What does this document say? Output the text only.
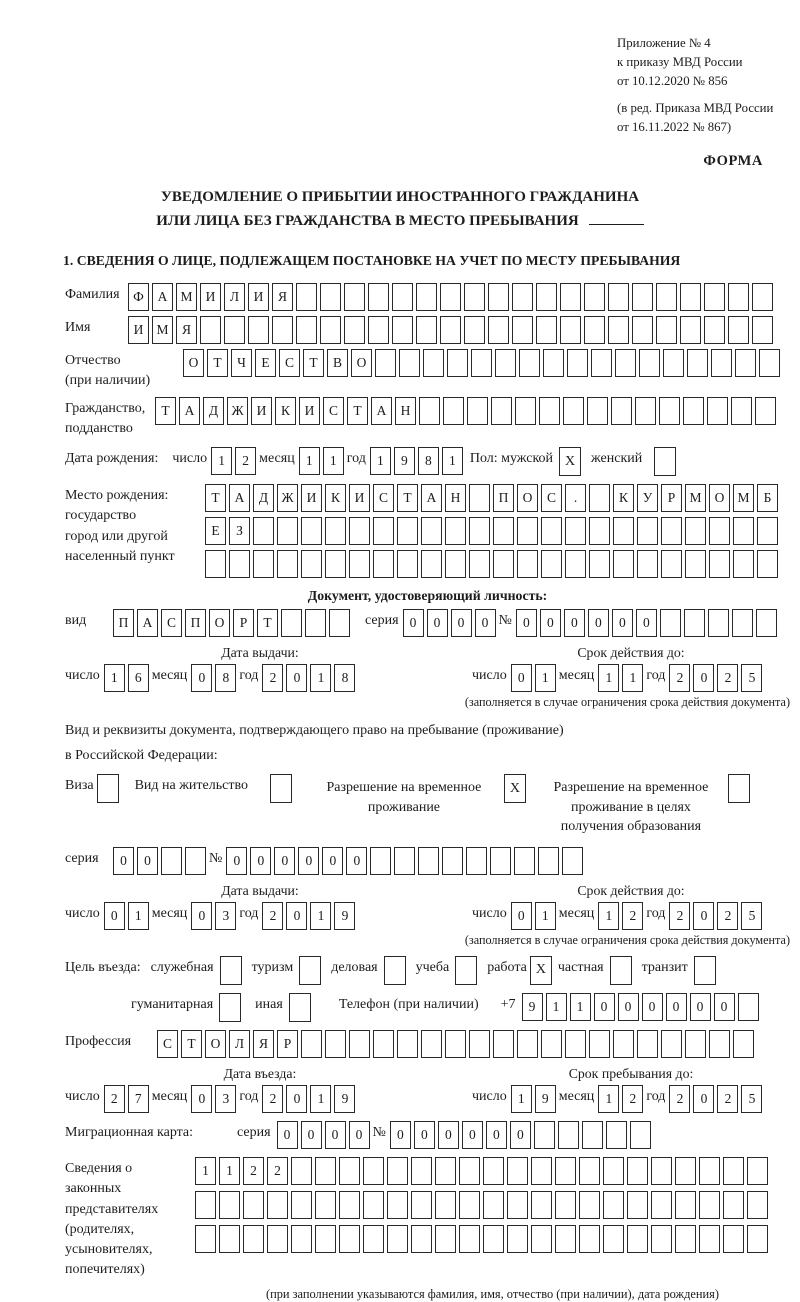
Приложение № 4
к приказу МВД России
от 10.12.2020 № 856
(в ред. Приказа МВД России
от 16.11.2022 № 867)
ФОРМА
УВЕДОМЛЕНИЕ О ПРИБЫТИИ ИНОСТРАННОГО ГРАЖДАНИНА
ИЛИ ЛИЦА БЕЗ ГРАЖДАНСТВА В МЕСТО ПРЕБЫВАНИЯ
1. СВЕДЕНИЯ О ЛИЦЕ, ПОДЛЕЖАЩЕМ ПОСТАНОВКЕ НА УЧЕТ ПО МЕСТУ ПРЕБЫВАНИЯ
Фамилия	Ф	А М И	Л	И	Я
Имя	И М Я
Отчество
(при наличии)
О	Т	Ч	Е	С	Т	В	О
Гражданство,
подданство
Т	А	Д Ж И	К	И	С	Т	А	Н
Дата рождения: число 1	2 месяц 1	1 год 1	9	8	1	Пол: мужской X	женский
Место рождения:
государство
город или другой
населенный пункт
Т	А	Д Ж И	К	И	С	Т	А	Н	П	О	С	.	К	У	Р	М О М	Б
Е	З
Документ, удостоверяющий личность:
вид	П	А	С	П	О	Р	Т	серия 0	0	0	0 № 0	0	0	0	0	0
Дата выдачи:
число 1	6 месяц 0	8 год 2	0	1	8
Срок действия до:
число 0	1 месяц 1	1 год 2	0	2	5
(заполняется в случае ограничения срока действия документа)
Вид и реквизиты документа, подтверждающего право на пребывание (проживание)
в Российской Федерации:
Виза	Вид на жительство	Разрешение на временное проживание
X	Разрешение на временное проживание в целях получения образования
серия	0	0	№ 0	0	0	0	0	0
Дата выдачи:
число 0	1 месяц 0	3 год 2	0	1	9
Срок действия до:
число 0	1 месяц 1	2 год 2	0	2	5
(заполняется в случае ограничения срока действия документа)
Цель въезда: служебная	туризм	деловая	учеба	работа X частная	транзит
гуманитарная	иная	Телефон (при наличии) +7 9	1	1	0	0	0	0	0	0
Профессия	С	Т	О	Л	Я	Р
Дата въезда:
число 2	7 месяц 0	3 год 2	0	1	9
Срок пребывания до:
число 1	9 месяц 1	2 год 2	0	2	5
Миграционная карта:	серия 0	0	0	0 № 0	0	0	0	0	0
Сведения о
законных
представителях
(родителях,
усыновителях,
попечителях)
1	1	2	2
(при заполнении указываются фамилия, имя, отчество (при наличии), дата рождения)
